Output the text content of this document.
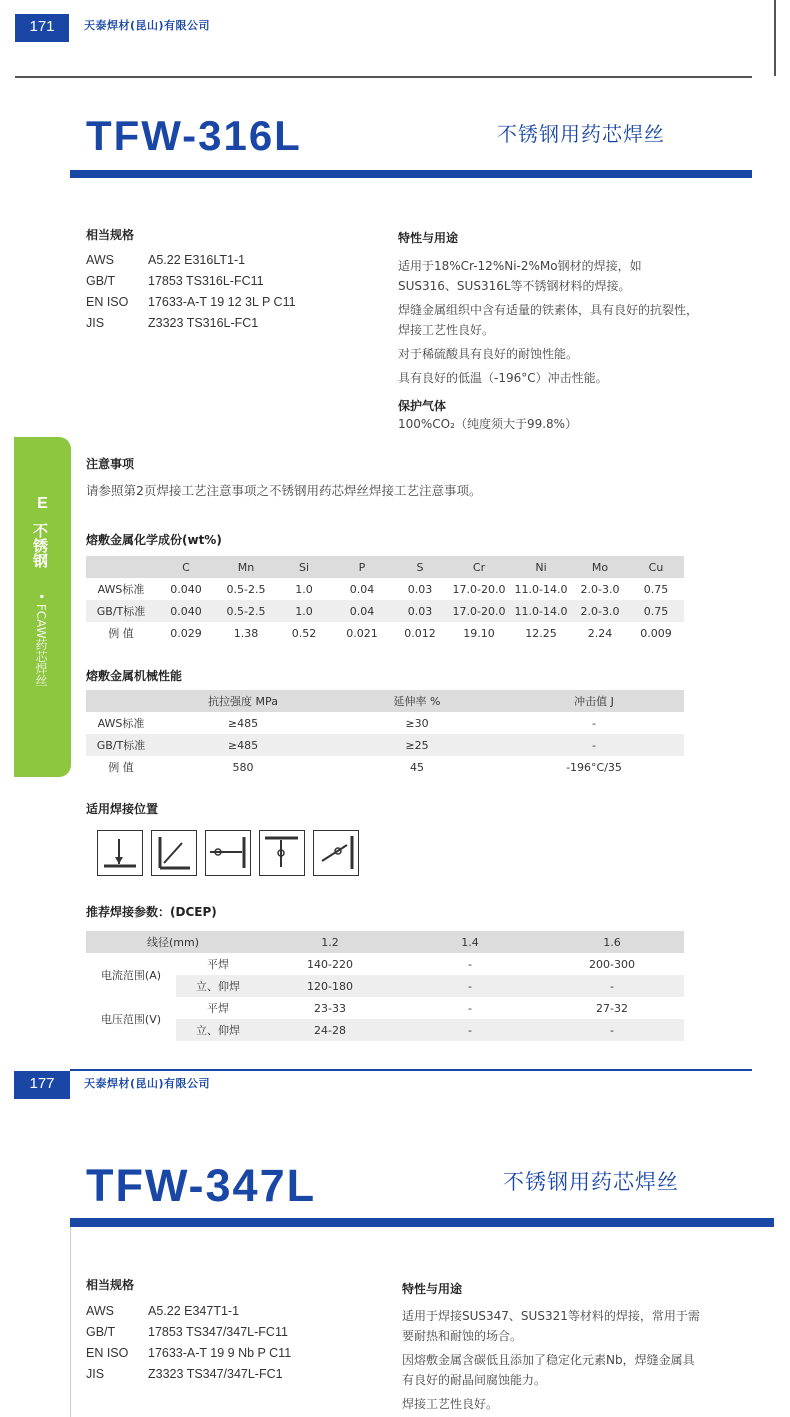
171	天泰焊材(昆山)有限公司
TFW-316L	不锈钢用药芯焊丝
E
不锈钢
• FCAW药芯焊丝
相当规格
AWS	A5.22 E316LT1-1
GB/T	17853 TS316L-FC11
EN ISO	17633-A-T 19 12 3L P C11
JIS	Z3323 TS316L-FC1
特性与用途

适用于18%Cr-12%Ni-2%Mo钢材的焊接，如SUS316、SUS316L等不锈钢材料的焊接。

焊缝金属组织中含有适量的铁素体，具有良好的抗裂性，焊接工艺性良好。

对于稀硫酸具有良好的耐蚀性能。

具有良好的低温（-196°C）冲击性能。

保护气体
100%CO₂（纯度须大于99.8%）
注意事项
请参照第2页焊接工艺注意事项之不锈钢用药芯焊丝焊接工艺注意事项。
熔敷金属化学成份(wt%)
	C	Mn	Si	P	S	Cr	Ni	Mo	Cu
AWS标准	0.040	0.5-2.5	1.0	0.04	0.03	17.0-20.0	11.0-14.0	2.0-3.0	0.75
GB/T标准	0.040	0.5-2.5	1.0	0.04	0.03	17.0-20.0	11.0-14.0	2.0-3.0	0.75
例 值	0.029	1.38	0.52	0.021	0.012	19.10	12.25	2.24	0.009
熔敷金属机械性能
	抗拉强度 MPa	延伸率 %	冲击值 J
AWS标准	≥485	≥30	-
GB/T标准	≥485	≥25	-
例 值	580	45	-196°C/35
适用焊接位置
推荐焊接参数：(DCEP)
线径(mm)		1.2	1.4	1.6
电流范围(A)	平焊	140-220	-	200-300
	立、仰焊	120-180	-	-
电压范围(V)	平焊	23-33	-	27-32
	立、仰焊	24-28	-	-
177	天泰焊材(昆山)有限公司
TFW-347L	不锈钢用药芯焊丝
相当规格
AWS	A5.22 E347T1-1
GB/T	17853 TS347/347L-FC11
EN ISO	17633-A-T 19 9 Nb P C11
JIS	Z3323 TS347/347L-FC1
特性与用途

适用于焊接SUS347、SUS321等材料的焊接，常用于需要耐热和耐蚀的场合。

因熔敷金属含碳低且添加了稳定化元素Nb，焊缝金属具有良好的耐晶间腐蚀能力。

焊接工艺性良好。
